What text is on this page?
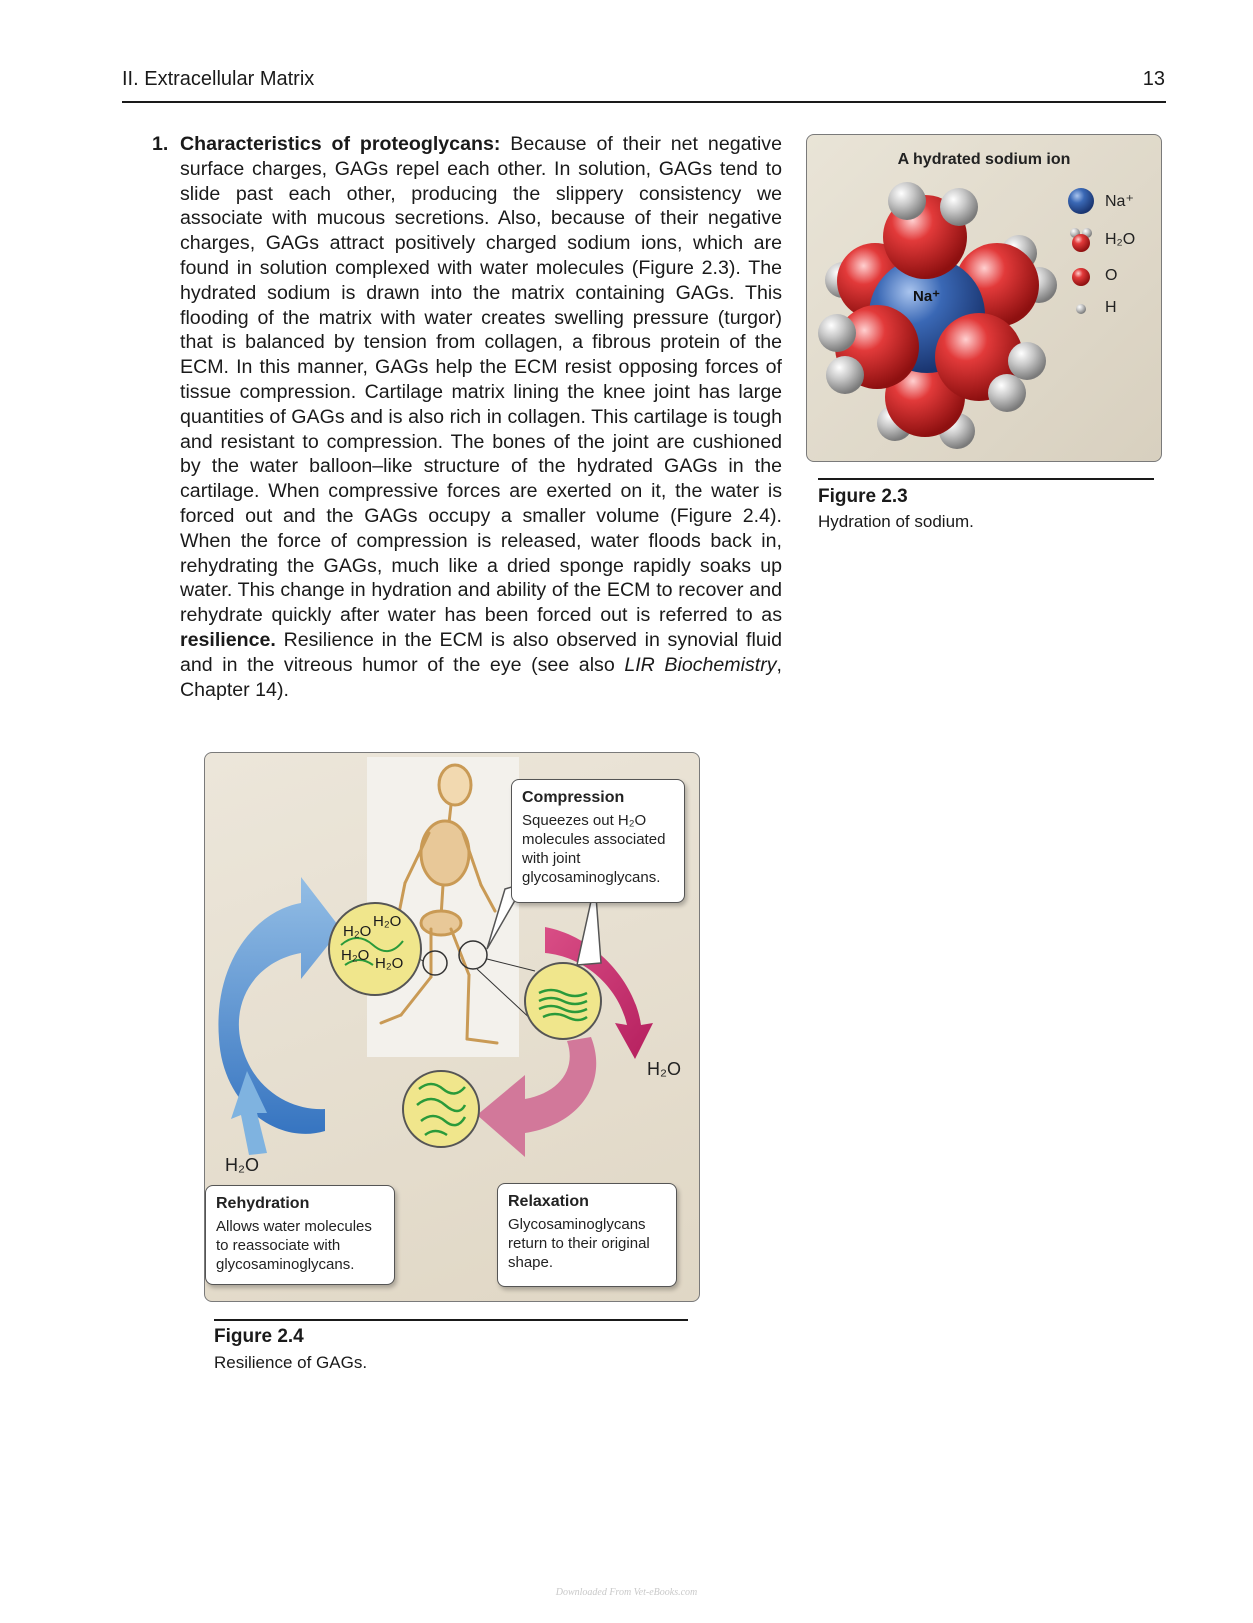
II. Extracellular Matrix	13
1. Characteristics of proteoglycans: Because of their net negative surface charges, GAGs repel each other. In solution, GAGs tend to slide past each other, producing the slippery consistency we associate with mucous secretions. Also, because of their negative charges, GAGs attract positively charged sodium ions, which are found in solution complexed with water molecules (Figure 2.3). The hydrated sodium is drawn into the matrix containing GAGs. This flooding of the matrix with water creates swelling pressure (turgor) that is balanced by tension from collagen, a fibrous protein of the ECM. In this manner, GAGs help the ECM resist opposing forces of tissue compression. Cartilage matrix lining the knee joint has large quantities of GAGs and is also rich in collagen. This cartilage is tough and resistant to compression. The bones of the joint are cushioned by the water balloon–like structure of the hydrated GAGs in the cartilage. When compressive forces are exerted on it, the water is forced out and the GAGs occupy a smaller volume (Figure 2.4). When the force of compression is released, water floods back in, rehydrating the GAGs, much like a dried sponge rapidly soaks up water. This change in hydration and ability of the ECM to recover and rehydrate quickly after water has been forced out is referred to as resilience. Resilience in the ECM is also observed in synovial fluid and in the vitreous humor of the eye (see also LIR Biochemistry, Chapter 14).
A hydrated sodium ion
Na⁺
Na⁺
H₂O
O
H
Figure 2.3
Hydration of sodium.
H₂O
H₂O
H₂O H₂O
Compression
Squeezes out H₂O molecules associated with joint glycosaminoglycans.
Rehydration
Allows water molecules to reassociate with glycosaminoglycans.
Relaxation
Glycosaminoglycans return to their original shape.
H₂O
H₂O
Figure 2.4
Resilience of GAGs.
Downloaded From Vet-eBooks.com
